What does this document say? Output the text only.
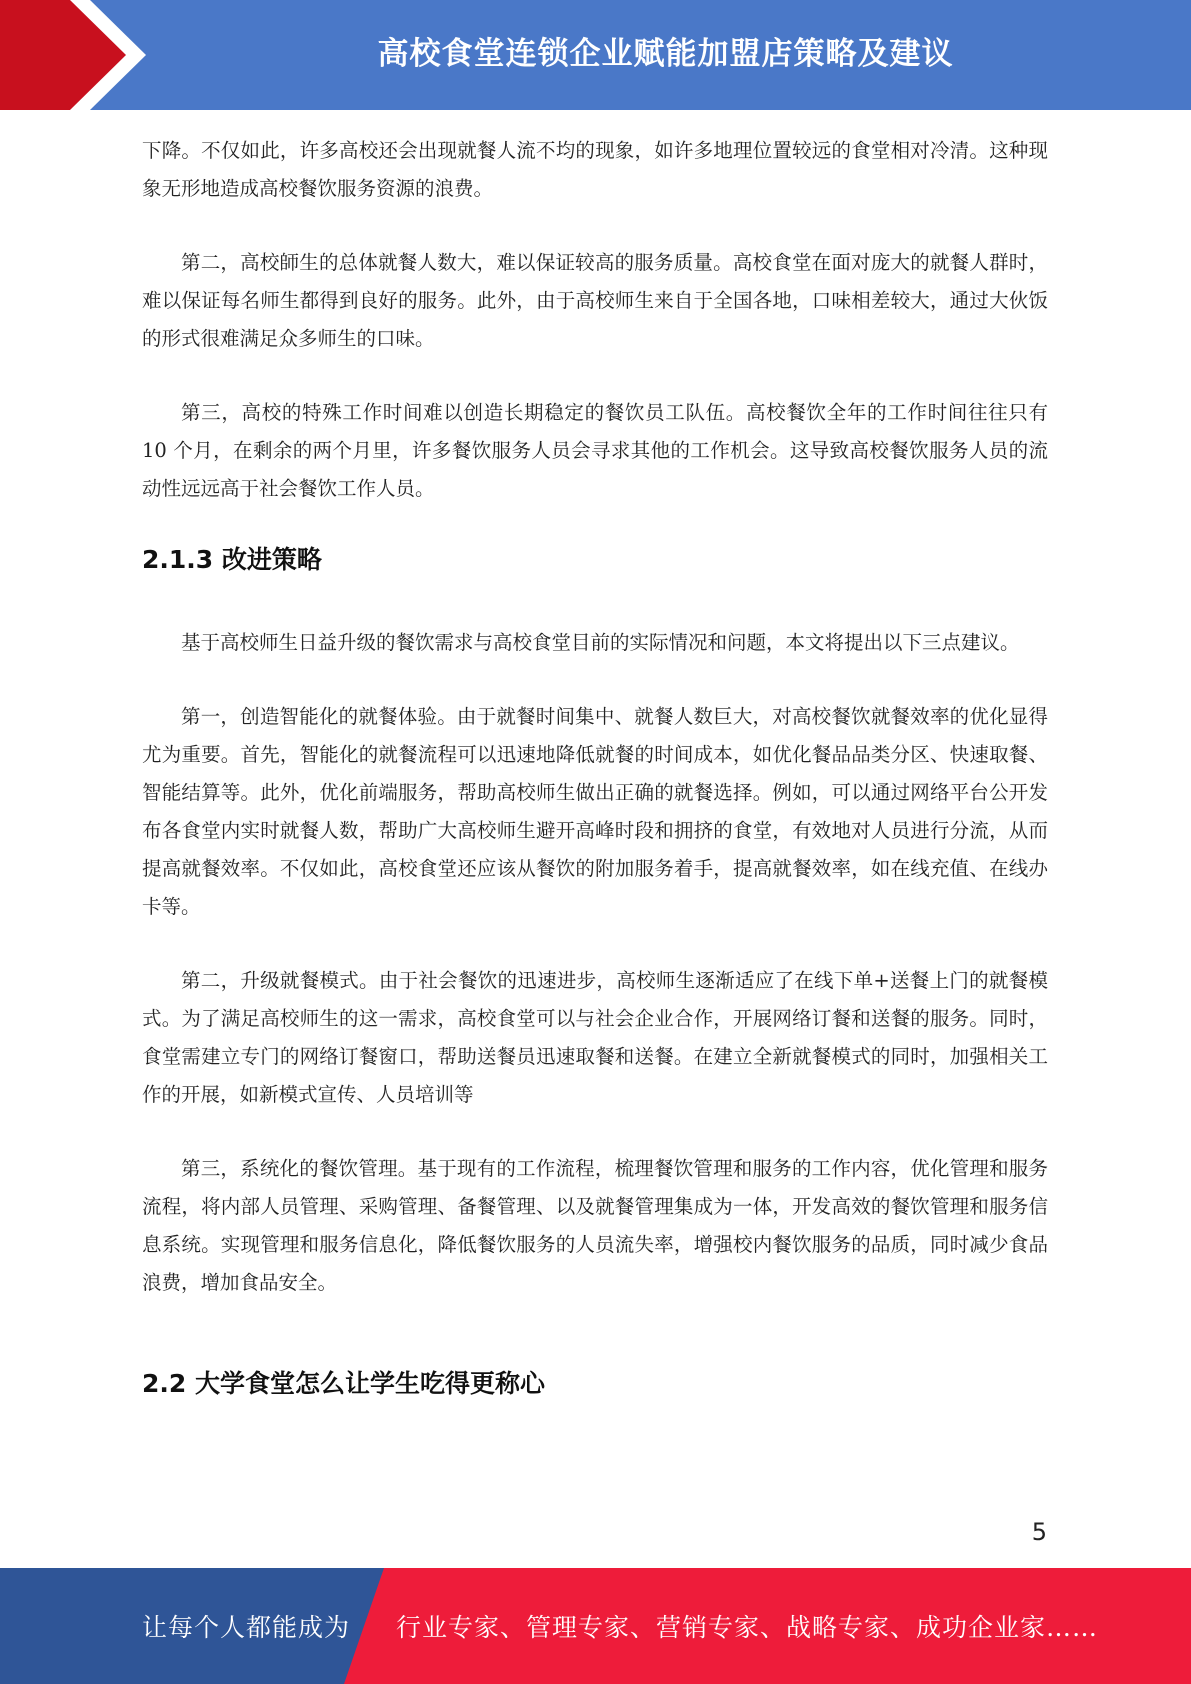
高校食堂连锁企业赋能加盟店策略及建议

下降。不仅如此，许多高校还会出现就餐人流不均的现象，如许多地理位置较远的食堂相对冷清。这种现象无形地造成高校餐饮服务资源的浪费。

第二，高校師生的总体就餐人数大，难以保证较高的服务质量。高校食堂在面对庞大的就餐人群时，难以保证每名师生都得到良好的服务。此外，由于高校师生来自于全国各地，口味相差较大，通过大伙饭的形式很难满足众多师生的口味。

第三，高校的特殊工作时间难以创造长期稳定的餐饮员工队伍。高校餐饮全年的工作时间往往只有 10 个月，在剩余的两个月里，许多餐饮服务人员会寻求其他的工作机会。这导致高校餐饮服务人员的流动性远远高于社会餐饮工作人员。

2.1.3 改进策略

基于高校师生日益升级的餐饮需求与高校食堂目前的实际情况和问题，本文将提出以下三点建议。

第一，创造智能化的就餐体验。由于就餐时间集中、就餐人数巨大，对高校餐饮就餐效率的优化显得尤为重要。首先，智能化的就餐流程可以迅速地降低就餐的时间成本，如优化餐品品类分区、快速取餐、智能结算等。此外，优化前端服务，帮助高校师生做出正确的就餐选择。例如，可以通过网络平台公开发布各食堂内实时就餐人数，帮助广大高校师生避开高峰时段和拥挤的食堂，有效地对人员进行分流，从而提高就餐效率。不仅如此，高校食堂还应该从餐饮的附加服务着手，提高就餐效率，如在线充值、在线办卡等。

第二，升级就餐模式。由于社会餐饮的迅速进步，高校师生逐渐适应了在线下单+送餐上门的就餐模式。为了满足高校师生的这一需求，高校食堂可以与社会企业合作，开展网络订餐和送餐的服务。同时，食堂需建立专门的网络订餐窗口，帮助送餐员迅速取餐和送餐。在建立全新就餐模式的同时，加强相关工作的开展，如新模式宣传、人员培训等

第三，系统化的餐饮管理。基于现有的工作流程，梳理餐饮管理和服务的工作内容，优化管理和服务流程，将内部人员管理、采购管理、备餐管理、以及就餐管理集成为一体，开发高效的餐饮管理和服务信息系统。实现管理和服务信息化，降低餐饮服务的人员流失率，增强校内餐饮服务的品质，同时减少食品浪费，增加食品安全。

2.2 大学食堂怎么让学生吃得更称心
5
让每个人都能成为 行业专家、管理专家、营销专家、战略专家、成功企业家……
